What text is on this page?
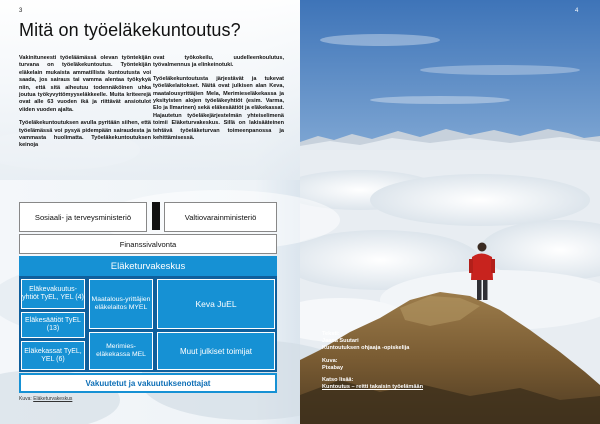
3
Mitä on työeläkekuntoutus?

Vakinituneesti työeläämässä olevan työntekijän turvana on työeläkekuntoutus. Työntekijän eläkelain mukaista ammatillista kuntoutusta voi saada, jos sairaus tai vamma alentaa työkykyä niin, että sitä aiheutuu todennäköinen uhka joutua työkyvyttömyyseläkkeelle. Muita kriteerejä ovat alle 63 vuoden ikä ja riittävät ansiotulot viiden vuoden ajalta.

Työeläkekuntoutuksen avulla pyritään siihen, että työelämässä voi pysyä pidempään sairaudesta ja vammasta huolimatta. Työeläkekuntoutuksen keinoja

ovat työkokeilu, uudelleenkoulutus, työvalmennus ja elinkeinotuki.

Työeläkekuntoutusta järjestävät ja tukevat työeläkelaitokset. Näitä ovat julkisen alan Keva, maatalousyrittäjien Mela, Merimieseläkekassa ja yksityisten alojen työeläkeyhtiöt (esim. Varma, Elo ja Ilmarinen) sekä eläkesäätiöt ja eläkekassat. Hajautetun työeläkejärjestelmän yhteiselimenä toimii Eläketurvakeskus. Sillä on lakisääteinen tehtävä työeläketurvan toimeenpanossa ja kehittämisessä.

Sosiaali- ja terveysministeriö	Valtiovarainministeriö
Finanssivalvonta
Eläketurvakeskus
Eläkevakuutus-yhtiöt TyEL, YEL (4)
Eläkesäätiöt TyEL (13)
Eläkekassat TyEL, YEL (6)
Maatalous-yrittäjien eläkelaitos MYEL
Merimies-eläkekassa MEL
Keva JuEL
Muut julkiset toimijat
Vakuutetut ja vakuutuksenottajat
Kuva: Eläketurvakeskus
4
Teksti:
Jaana Suutari
Kuntoutuksen ohjaaja -opiskelija
Kuva:
Pixabay
Katso lisää:
Kuntoutus – reitti takaisin työelämään
